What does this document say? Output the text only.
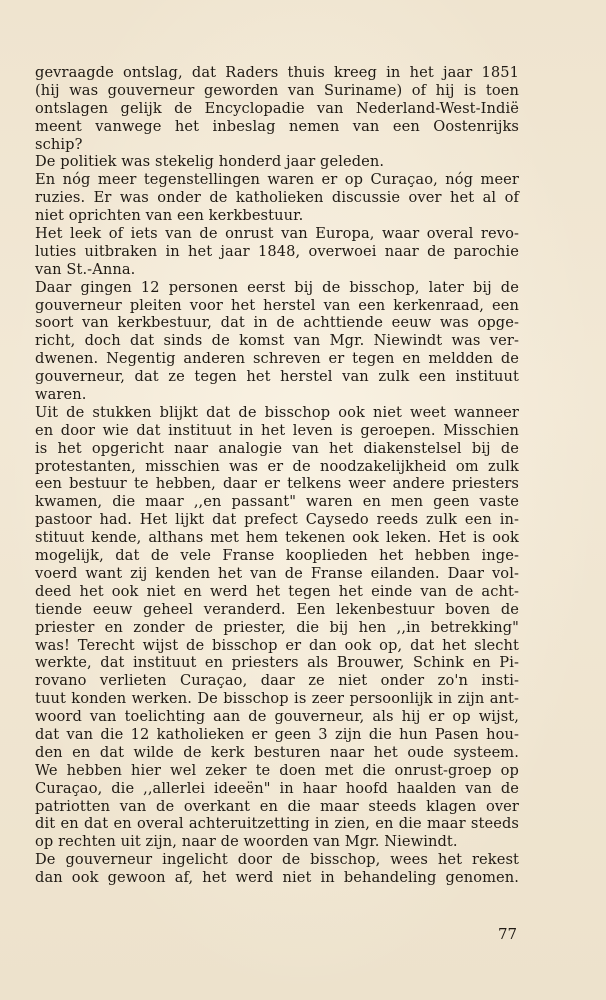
gevraagde ontslag, dat Raders thuis kreeg in het jaar 1851
(hij was gouverneur geworden van Suriname) of hij is toen
ontslagen gelijk de Encyclopadie van Nederland-West-Indië
meent vanwege het inbeslag nemen van een Oostenrijks
schip?
De politiek was stekelig honderd jaar geleden.
En nóg meer tegenstellingen waren er op Curaçao, nóg meer
ruzies. Er was onder de katholieken discussie over het al of
niet oprichten van een kerkbestuur.
Het leek of iets van de onrust van Europa, waar overal revo-
luties uitbraken in het jaar 1848, overwoei naar de parochie
van St.-Anna.
Daar gingen 12 personen eerst bij de bisschop, later bij de
gouverneur pleiten voor het herstel van een kerkenraad, een
soort van kerkbestuur, dat in de achttiende eeuw was opge-
richt, doch dat sinds de komst van Mgr. Niewindt was ver-
dwenen. Negentig anderen schreven er tegen en meldden de
gouverneur, dat ze tegen het herstel van zulk een instituut
waren.
Uit de stukken blijkt dat de bisschop ook niet weet wanneer
en door wie dat instituut in het leven is geroepen. Misschien
is het opgericht naar analogie van het diakenstelsel bij de
protestanten, misschien was er de noodzakelijkheid om zulk
een bestuur te hebben, daar er telkens weer andere priesters
kwamen, die maar ,,en passant" waren en men geen vaste
pastoor had. Het lijkt dat prefect Caysedo reeds zulk een in-
stituut kende, althans met hem tekenen ook leken. Het is ook
mogelijk, dat de vele Franse kooplieden het hebben inge-
voerd want zij kenden het van de Franse eilanden. Daar vol-
deed het ook niet en werd het tegen het einde van de acht-
tiende eeuw geheel veranderd. Een lekenbestuur boven de
priester en zonder de priester, die bij hen ,,in betrekking"
was! Terecht wijst de bisschop er dan ook op, dat het slecht
werkte, dat instituut en priesters als Brouwer, Schink en Pi-
rovano verlieten Curaçao, daar ze niet onder zo'n insti-
tuut konden werken. De bisschop is zeer persoonlijk in zijn ant-
woord van toelichting aan de gouverneur, als hij er op wijst,
dat van die 12 katholieken er geen 3 zijn die hun Pasen hou-
den en dat wilde de kerk besturen naar het oude systeem.
We hebben hier wel zeker te doen met die onrust-groep op
Curaçao, die ,,allerlei ideeën" in haar hoofd haalden van de
patriotten van de overkant en die maar steeds klagen over
dit en dat en overal achteruitzetting in zien, en die maar steeds
op rechten uit zijn, naar de woorden van Mgr. Niewindt.
De gouverneur ingelicht door de bisschop, wees het rekest
dan ook gewoon af, het werd niet in behandeling genomen.
77
